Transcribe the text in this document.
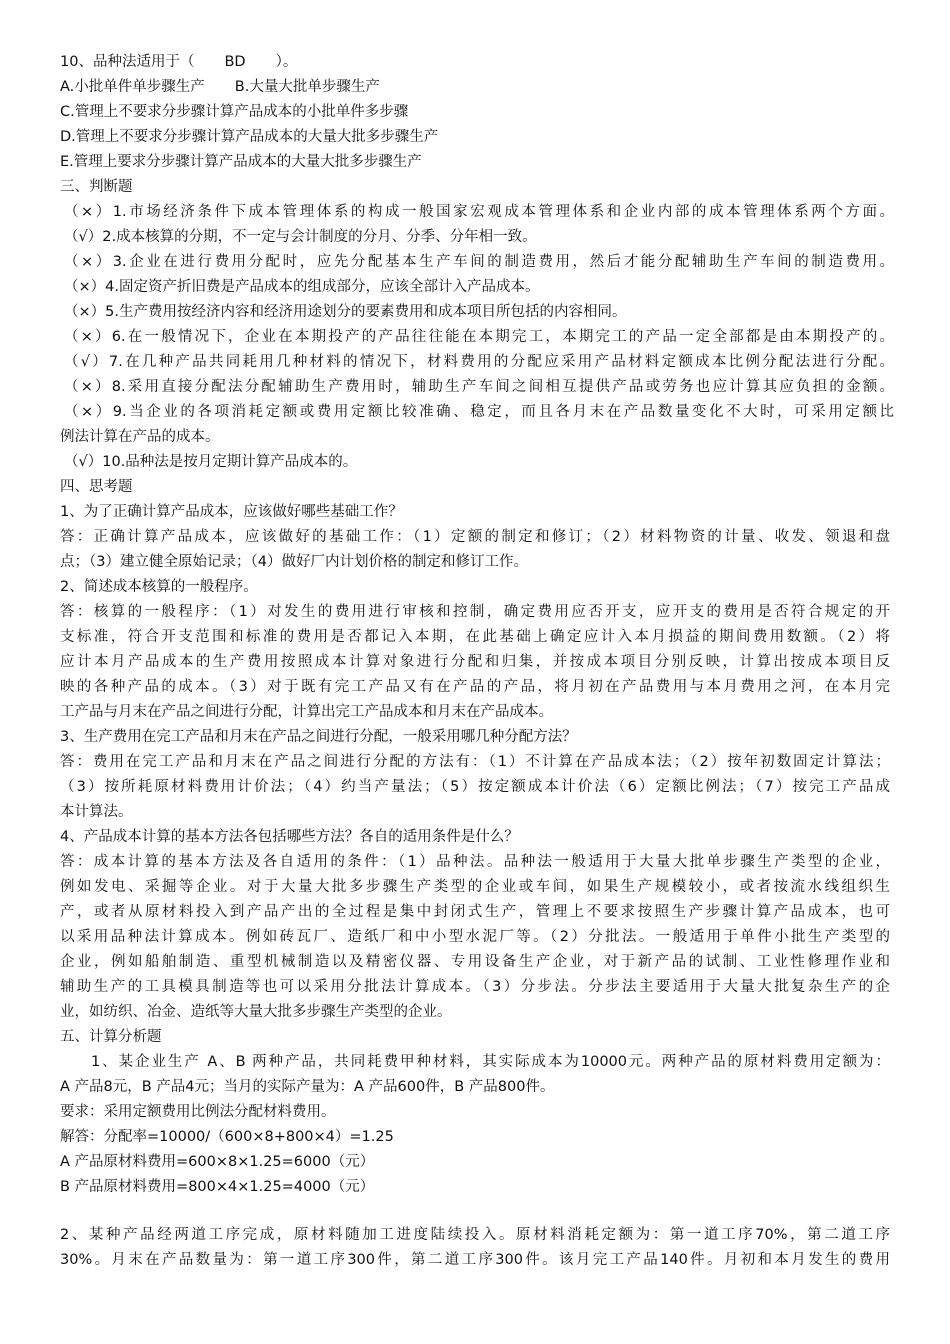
10、品种法适用于（ BD ）。
A.小批单件单步骤生产 B.大量大批单步骤生产
C.管理上不要求分步骤计算产品成本的小批单件多步骤
D.管理上不要求分步骤计算产品成本的大量大批多步骤生产
E.管理上要求分步骤计算产品成本的大量大批多步骤生产
三、判断题
（×）1.市场经济条件下成本管理体系的构成一般国家宏观成本管理体系和企业内部的成本管理体系两个方面。
（√）2.成本核算的分期，不一定与会计制度的分月、分季、分年相一致。
（×）3.企业在进行费用分配时，应先分配基本生产车间的制造费用，然后才能分配辅助生产车间的制造费用。
（×）4.固定资产折旧费是产品成本的组成部分，应该全部计入产品成本。
（×）5.生产费用按经济内容和经济用途划分的要素费用和成本项目所包括的内容相同。
（×）6.在一般情况下，企业在本期投产的产品往往能在本期完工，本期完工的产品一定全部都是由本期投产的。
（√）7.在几种产品共同耗用几种材料的情况下，材料费用的分配应采用产品材料定额成本比例分配法进行分配。
（×）8.采用直接分配法分配辅助生产费用时，辅助生产车间之间相互提供产品或劳务也应计算其应负担的金额。
（×）9.当企业的各项消耗定额或费用定额比较准确、稳定，而且各月末在产品数量变化不大时，可采用定额比
例法计算在产品的成本。
（√）10.品种法是按月定期计算产品成本的。
四、思考题
1、为了正确计算产品成本，应该做好哪些基础工作？
答：正确计算产品成本，应该做好的基础工作：（1）定额的制定和修订；（2）材料物资的计量、收发、领退和盘
点；（3）建立健全原始记录；（4）做好厂内计划价格的制定和修订工作。
2、简述成本核算的一般程序。
答：核算的一般程序：（1）对发生的费用进行审核和控制，确定费用应否开支，应开支的费用是否符合规定的开
支标准，符合开支范围和标准的费用是否都记入本期，在此基础上确定应计入本月损益的期间费用数额。（2）将
应计本月产品成本的生产费用按照成本计算对象进行分配和归集，并按成本项目分别反映，计算出按成本项目反
映的各种产品的成本。（3）对于既有完工产品又有在产品的产品，将月初在产品费用与本月费用之河，在本月完
工产品与月末在产品之间进行分配，计算出完工产品成本和月末在产品成本。
3、生产费用在完工产品和月末在产品之间进行分配，一般采用哪几种分配方法？
答：费用在完工产品和月末在产品之间进行分配的方法有：（1）不计算在产品成本法；（2）按年初数固定计算法；
（3）按所耗原材料费用计价法；（4）约当产量法；（5）按定额成本计价法（6）定额比例法；（7）按完工产品成
本计算法。
4、产品成本计算的基本方法各包括哪些方法？各自的适用条件是什么？
答：成本计算的基本方法及各自适用的条件：（1）品种法。品种法一般适用于大量大批单步骤生产类型的企业，
例如发电、采掘等企业。对于大量大批多步骤生产类型的企业或车间，如果生产规模较小，或者按流水线组织生
产，或者从原材料投入到产品产出的全过程是集中封闭式生产，管理上不要求按照生产步骤计算产品成本，也可
以采用品种法计算成本。例如砖瓦厂、造纸厂和中小型水泥厂等。（2）分批法。一般适用于单件小批生产类型的
企业，例如船舶制造、重型机械制造以及精密仪器、专用设备生产企业，对于新产品的试制、工业性修理作业和
辅助生产的工具模具制造等也可以采用分批法计算成本。（3）分步法。分步法主要适用于大量大批复杂生产的企
业，如纺织、冶金、造纸等大量大批多步骤生产类型的企业。
五、计算分析题
1、某企业生产 A、B 两种产品，共同耗费甲种材料，其实际成本为10000元。两种产品的原材料费用定额为：
A 产品8元，B 产品4元；当月的实际产量为：A 产品600件，B 产品800件。
要求：采用定额费用比例法分配材料费用。
解答：分配率=10000/（600×8+800×4）=1.25
A 产品原材料费用=600×8×1.25=6000（元）
B 产品原材料费用=800×4×1.25=4000（元）
2、某种产品经两道工序完成，原材料随加工进度陆续投入。原材料消耗定额为：第一道工序70%，第二道工序
30%。月末在产品数量为：第一道工序300件，第二道工序300件。该月完工产品140件。月初和本月发生的费用
